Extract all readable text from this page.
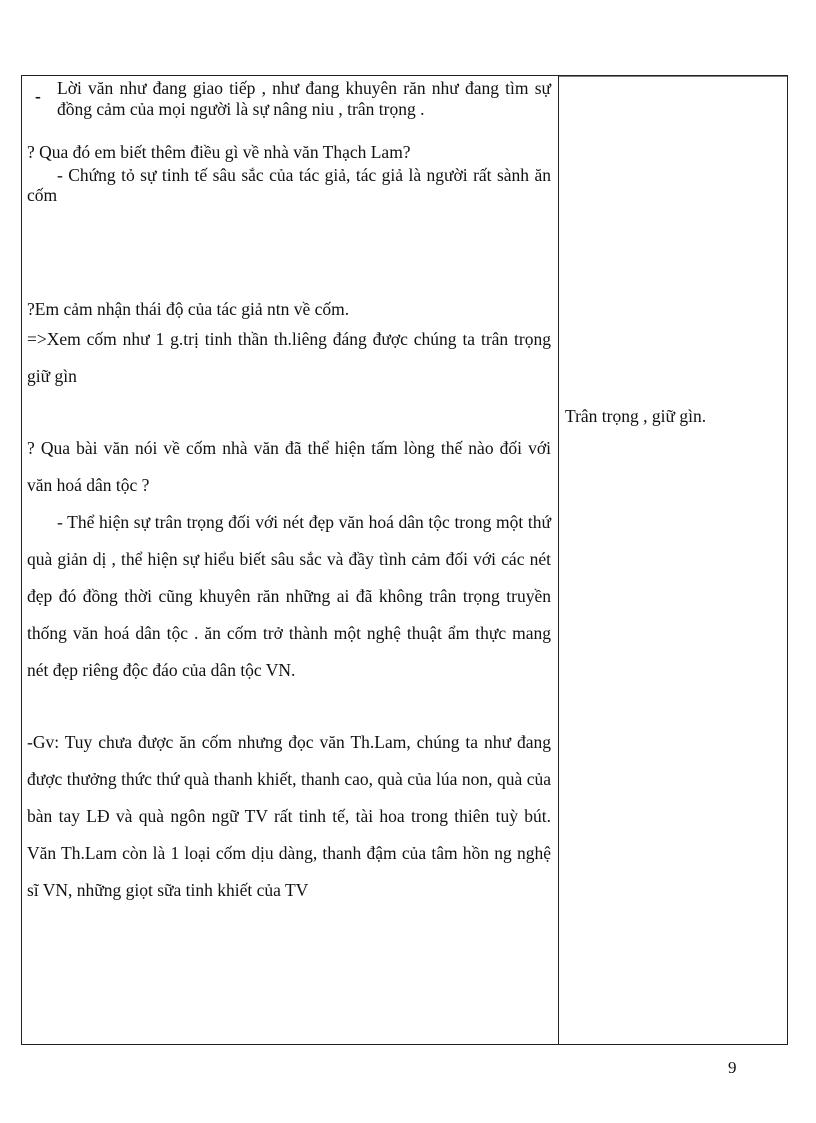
- Lời văn như đang giao tiếp , như đang khuyên răn như đang tìm sự đồng cảm của mọi người là sự nâng niu , trân trọng .

? Qua đó em biết thêm điều gì về nhà văn Thạch Lam?

- Chứng tỏ sự tinh tế sâu sắc của tác giả, tác giả là người rất sành ăn cốm

?Em cảm nhận thái độ của tác giả ntn về cốm.

=>Xem cốm như 1 g.trị tinh thần th.liêng đáng được chúng ta trân trọng giữ gìn

? Qua bài văn nói về cốm nhà văn đã thể hiện tấm lòng thế nào đối với văn hoá dân tộc ?

- Thể hiện sự trân trọng đối với nét đẹp văn hoá dân tộc trong một thứ quà giản dị , thể hiện sự hiểu biết sâu sắc và đầy tình cảm đối với các nét đẹp đó đồng thời cũng khuyên răn những ai đã không trân trọng truyền thống văn hoá dân tộc . ăn cốm trở thành một nghệ thuật ẩm thực mang nét đẹp riêng độc đáo của dân tộc VN.

-Gv: Tuy chưa được ăn cốm nhưng đọc văn Th.Lam, chúng ta như đang được thưởng thức thứ quà thanh khiết, thanh cao, quà của lúa non, quà của bàn tay LĐ và quà ngôn ngữ TV rất tinh tế, tài hoa trong thiên tuỳ bút. Văn Th.Lam còn là 1 loại cốm dịu dàng, thanh đậm của tâm hồn ng nghệ sĩ VN, những giọt sữa tinh khiết của TV

Trân trọng , giữ gìn.

9
